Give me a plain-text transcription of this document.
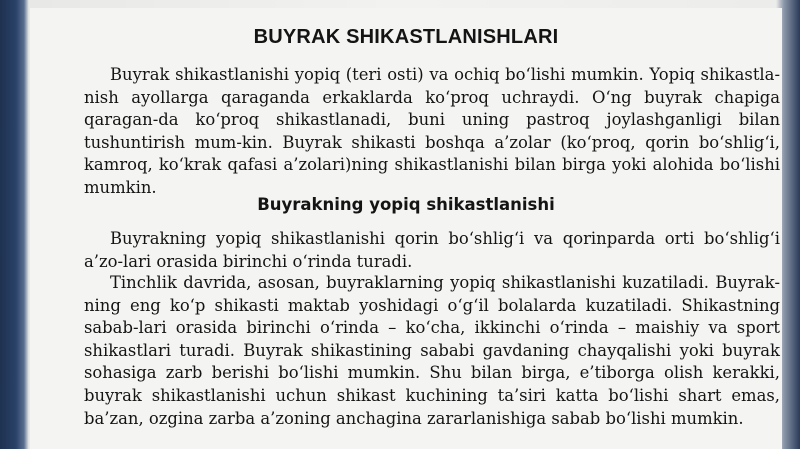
BUYRAK SHIKASTLANISHLARI

Buyrak shikastlanishi yopiq (teri osti) va ochiq bo‘lishi mumkin. Yopiq shikastla-nish ayollarga qaraganda erkaklarda ko‘proq uchraydi. O‘ng buyrak chapiga qaragan-da ko‘proq shikastlanadi, buni uning pastroq joylashganligi bilan tushuntirish mum-kin. Buyrak shikasti boshqa a’zolar (ko‘proq, qorin bo‘shlig‘i, kamroq, ko‘krak qafasi a’zolari)ning shikastlanishi bilan birga yoki alohida bo‘lishi mumkin.

Buyrakning yopiq shikastlanishi

Buyrakning yopiq shikastlanishi qorin bo‘shlig‘i va qorinparda orti bo‘shlig‘i a’zo-lari orasida birinchi o‘rinda turadi.

Tinchlik davrida, asosan, buyraklarning yopiq shikastlanishi kuzatiladi. Buyrak-ning eng ko‘p shikasti maktab yoshidagi o‘g‘il bolalarda kuzatiladi. Shikastning sabab-lari orasida birinchi o‘rinda – ko‘cha, ikkinchi o‘rinda – maishiy va sport shikastlari turadi. Buyrak shikastining sababi gavdaning chayqalishi yoki buyrak sohasiga zarb berishi bo‘lishi mumkin. Shu bilan birga, e’tiborga olish kerakki, buyrak shikastlanishi uchun shikast kuchining ta’siri katta bo‘lishi shart emas, ba’zan, ozgina zarba a’zoning anchagina zararlanishiga sabab bo‘lishi mumkin.
